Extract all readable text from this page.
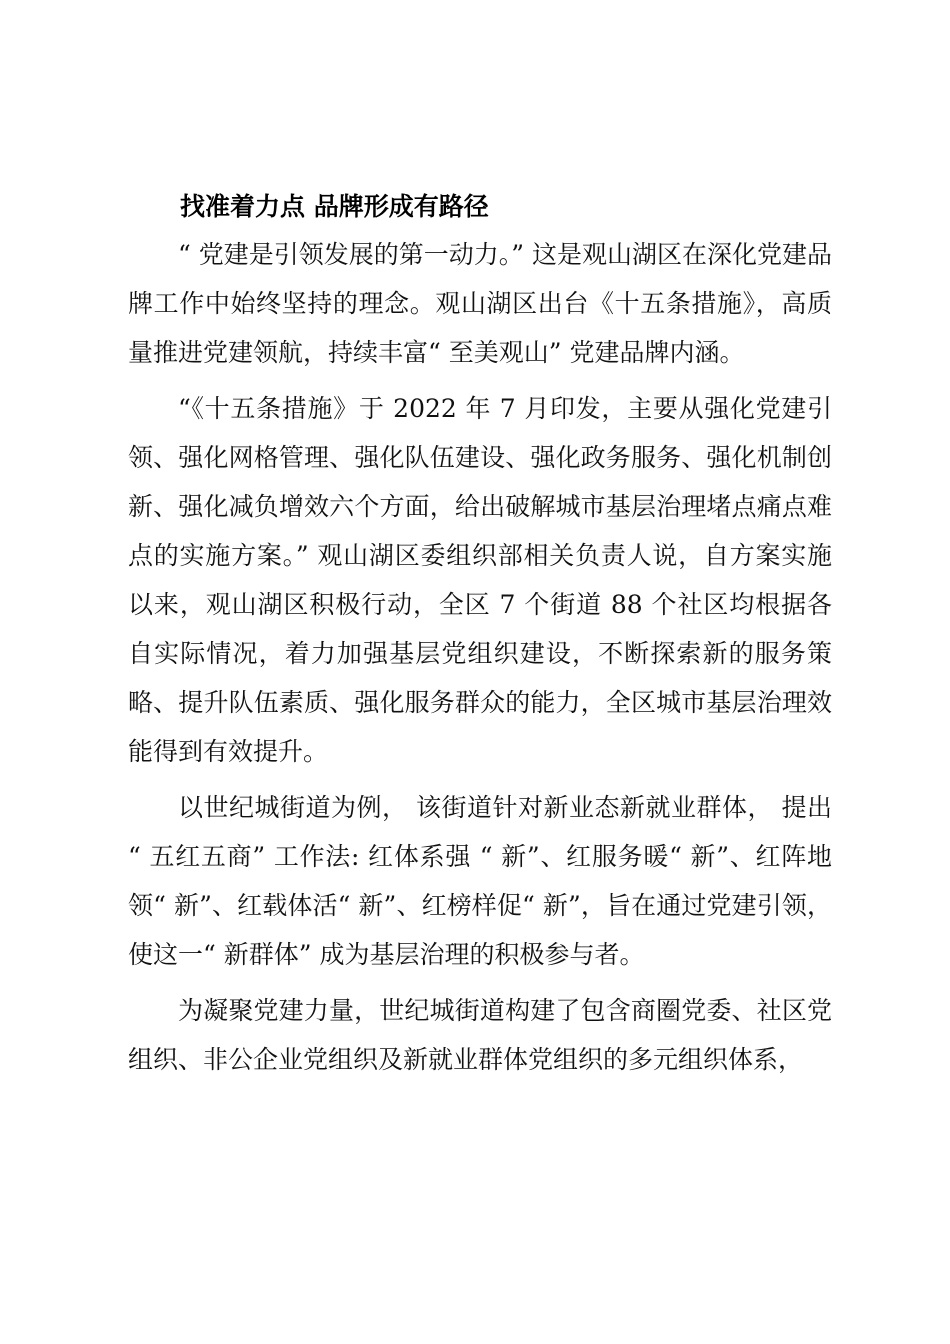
找准着力点 品牌形成有路径

“ 党建是引领发展的第一动力。” 这是观山湖区在深化党建品牌工作中始终坚持的理念。观山湖区出台《十五条措施》，高质量推进党建领航，持续丰富“ 至美观山” 党建品牌内涵。

“《十五条措施》于 2022 年 7 月印发，主要从强化党建引领、强化网格管理、强化队伍建设、强化政务服务、强化机制创新、强化减负增效六个方面，给出破解城市基层治理堵点痛点难点的实施方案。” 观山湖区委组织部相关负责人说，自方案实施以来，观山湖区积极行动，全区 7 个街道 88 个社区均根据各自实际情况，着力加强基层党组织建设，不断探索新的服务策略、提升队伍素质、强化服务群众的能力，全区城市基层治理效能得到有效提升。

以世纪城街道为例， 该街道针对新业态新就业群体， 提出 “ 五红五商” 工作法: 红体系强 “ 新”、红服务暖“ 新”、红阵地领“ 新”、红载体活“ 新”、红榜样促“ 新”，旨在通过党建引领，使这一“ 新群体” 成为基层治理的积极参与者。

为凝聚党建力量，世纪城街道构建了包含商圈党委、社区党组织、非公企业党组织及新就业群体党组织的多元组织体系，
